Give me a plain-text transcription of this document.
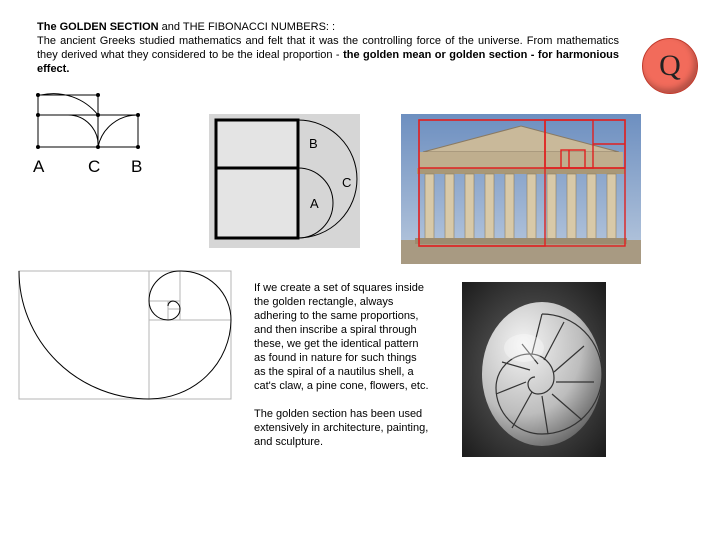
The GOLDEN SECTION and THE FIBONACCI NUMBERS: :
The ancient Greeks studied mathematics and felt that it was the controlling force of the universe. From mathematics they derived what they considered to be the ideal proportion - the golden mean or golden section - for harmonious effect.	Q
A	C B
B
C
A

If we create a set of squares inside the golden rectangle, always adhering to the same proportions, and then inscribe a spiral through these, we get the identical pattern as found in nature for such things as the spiral of a nautilus shell, a cat's claw, a pine cone, flowers, etc.

The golden section has been used extensively in architecture, painting, and sculpture.
